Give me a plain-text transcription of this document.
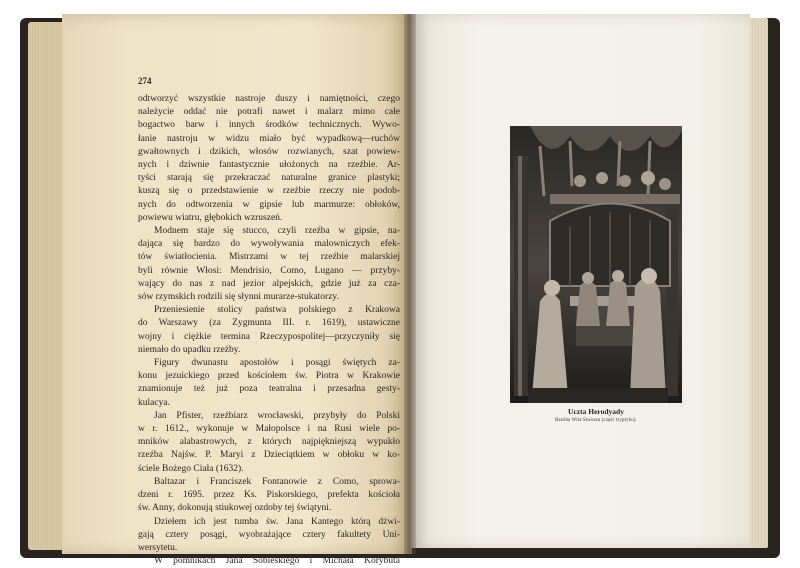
274
odtworzyć wszystkie nastroje duszy i namiętności, czego
należycie oddać nie potrafi nawet i malarz mimo całe
bogactwo barw i innych środków technicznych. Wywo-
łanie nastroju w widzu miało być wypadkową—ruchów
gwałtownych i dzikich, włosów rozwianych, szat powiew-
nych i dziwnie fantastycznie ułożonych na rzeźbie. Ar-
tyści starają się przekraczać naturalne granice plastyki;
kuszą się o przedstawienie w rzeźbie rzeczy nie podob-
nych do odtworzenia w gipsie lub marmurze: obłoków,
powiewu wiatru, głębokich wzruszeń.
Modnem staje się stucco, czyli rzeźba w gipsie, na-
dająca się bardzo do wywoływania malowniczych efek-
tów światłocienia. Mistrzami w tej rzeźbie malarskiej
byli równie Włosi: Mendrisio, Como, Lugano — przyby-
wający do nas z nad jezior alpejskich, gdzie już za cza-
sów rzymskich rodzili się słynni murarze-stukatorzy.
Przeniesienie stolicy państwa polskiego z Krakowa
do Warszawy (za Zygmunta III. r. 1619), ustawiczne
wojny i ciężkie termina Rzeczypospolitej—przyczyniły się
niemało do upadku rzeźby.
Figury dwunastu apostołów i posągi świętych za-
konu jezuickiego przed kościołem św. Piotra w Krakowie
znamionuje też już poza teatralna i przesadna gesty-
kulacya.
Jan Pfister, rzeźbiarz wrocławski, przybyły do Polski
w r. 1612., wykonuje w Małopolsce i na Rusi wiele po-
mników alabastrowych, z których najpiękniejszą wypukło
rzeźba Najśw. P. Maryi z Dzieciątkiem w obłoku w ko-
ściele Bożego Ciała (1632).
Baltazar i Franciszek Fontanowie z Como, sprowa-
dzeni r. 1695. przez Ks. Piskorskiego, prefekta kościoła
św. Anny, dokonują stiukowej ozdoby tej świątyni.
Dziełem ich jest tumba św. Jana Kantego którą dźwi-
gają cztery posągi, wyobrażające cztery fakultety Uni-
wersytetu.
W pomnikach Jana Sobieskiego i Michała Korybuta
Uczta Herodyady
Rzeźba Wita Stwosza (część tryptyku).
